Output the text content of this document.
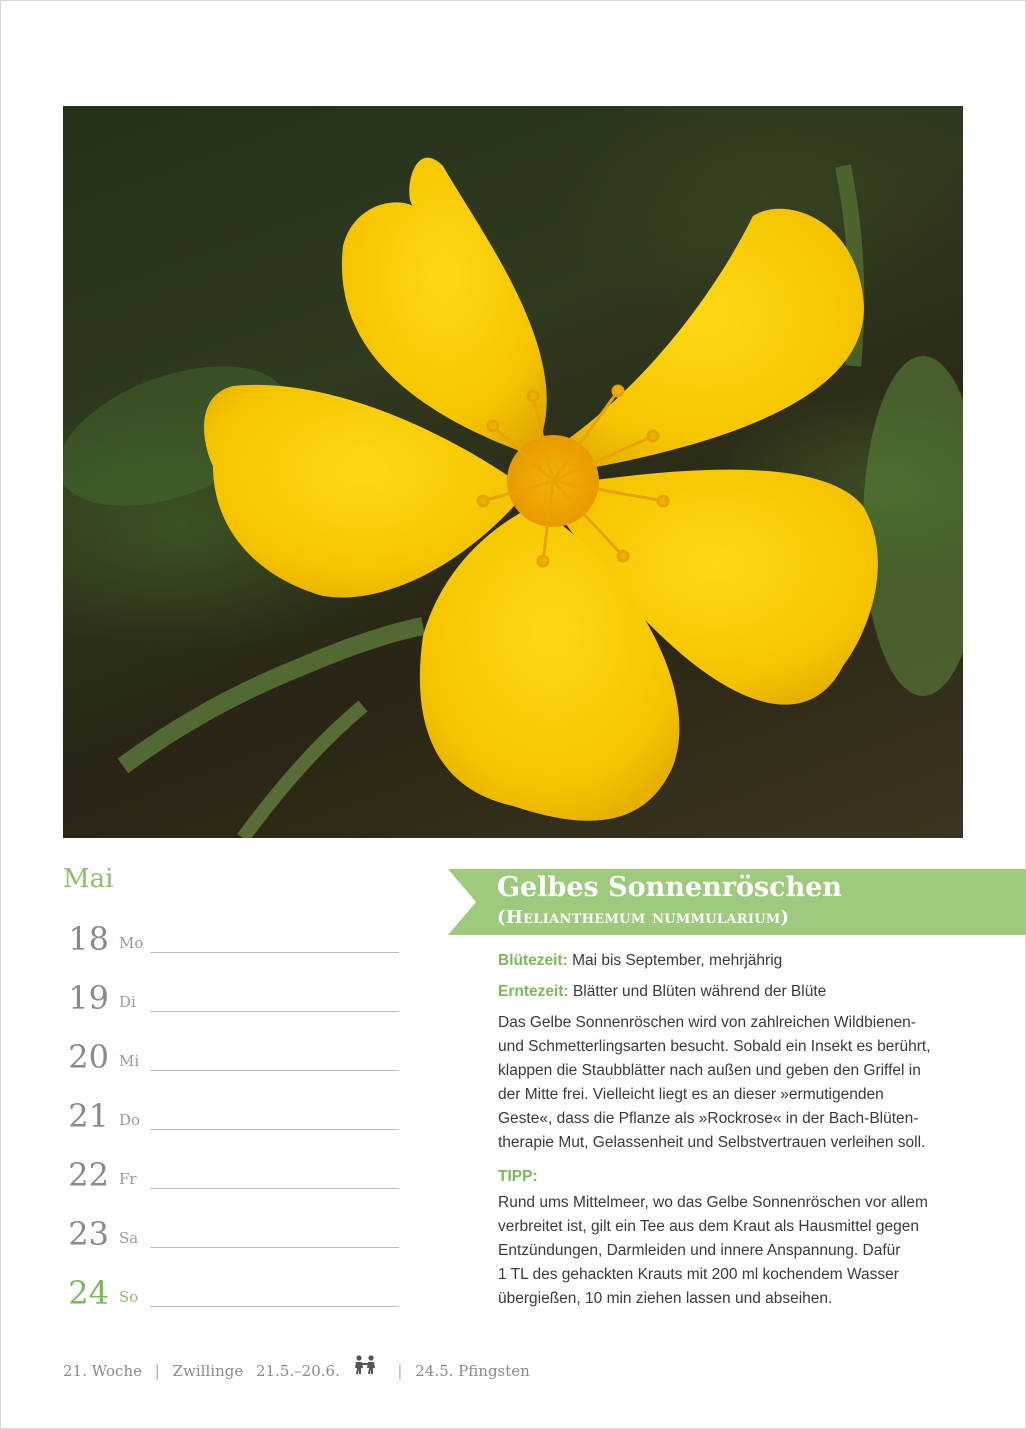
Mai
18 Mo
19 Di
20 Mi
21 Do
22 Fr
23 Sa
24 So
Gelbes Sonnenröschen
(Helianthemum nummularium)
Blütezeit: Mai bis September, mehrjährig
Erntezeit: Blätter und Blüten während der Blüte
Das Gelbe Sonnenröschen wird von zahlreichen Wildbienen-
und Schmetterlingsarten besucht. Sobald ein Insekt es berührt,
klappen die Staubblätter nach außen und geben den Griffel in
der Mitte frei. Vielleicht liegt es an dieser »ermutigenden
Geste«, dass die Pflanze als »Rockrose« in der Bach-Blüten-
therapie Mut, Gelassenheit und Selbstvertrauen verleihen soll.
TIPP:
Rund ums Mittelmeer, wo das Gelbe Sonnenröschen vor allem
verbreitet ist, gilt ein Tee aus dem Kraut als Hausmittel gegen
Entzündungen, Darmleiden und innere Anspannung. Dafür
1 TL des gehackten Krauts mit 200 ml kochendem Wasser
übergießen, 10 min ziehen lassen und abseihen.
21. Woche | Zwillinge 21.5.–20.6.	| 24.5. Pfingsten
